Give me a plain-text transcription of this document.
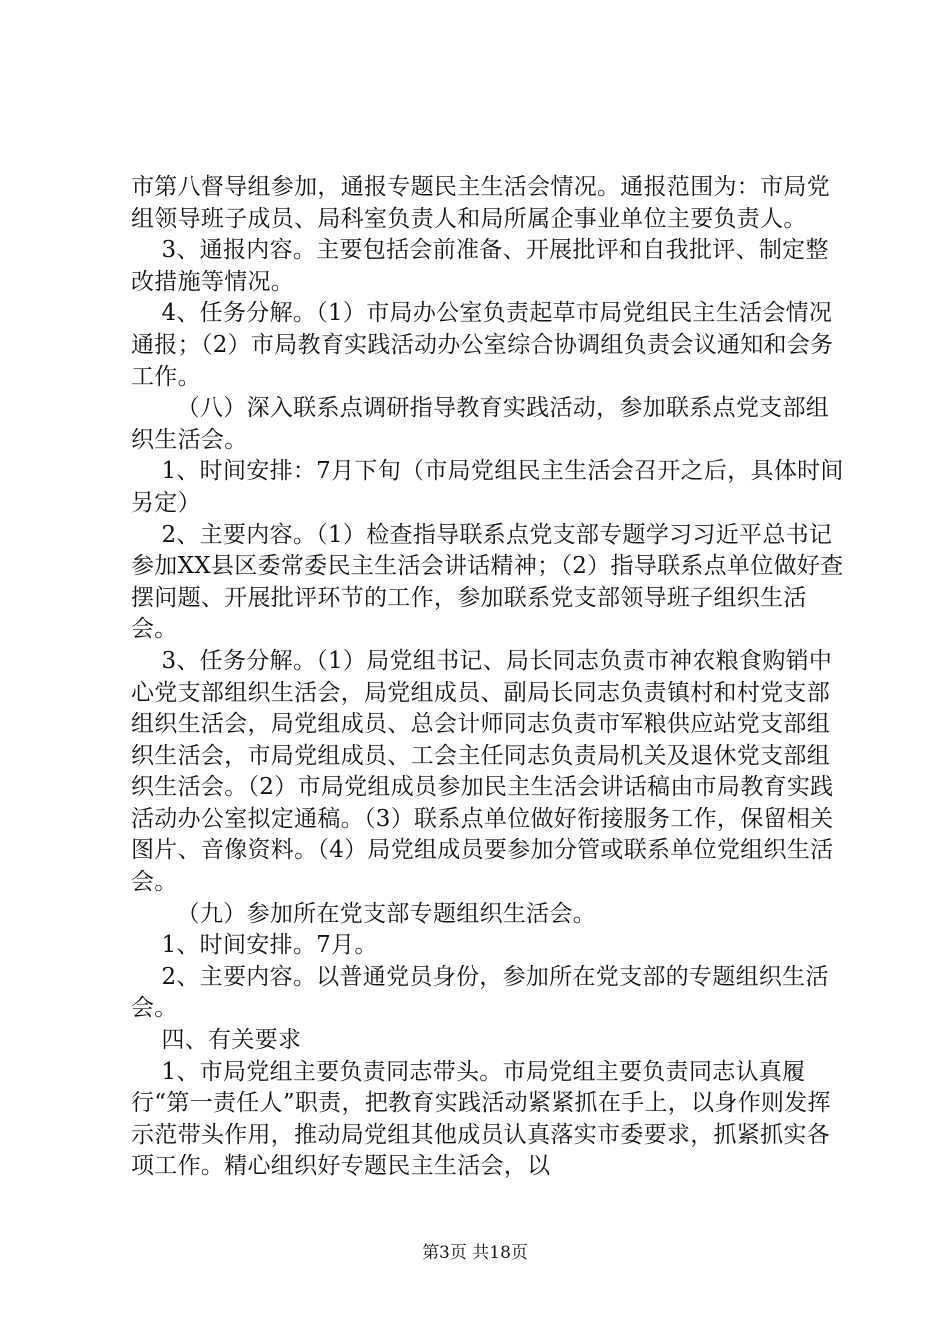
市第八督导组参加，通报专题民主生活会情况。通报范围为：市局党组领导班子成员、局科室负责人和局所属企事业单位主要负责人。

3、通报内容。主要包括会前准备、开展批评和自我批评、制定整改措施等情况。

4、任务分解。（1）市局办公室负责起草市局党组民主生活会情况通报；（2）市局教育实践活动办公室综合协调组负责会议通知和会务工作。

（八）深入联系点调研指导教育实践活动，参加联系点党支部组织生活会。

1、时间安排：7月下旬（市局党组民主生活会召开之后，具体时间另定）

2、主要内容。（1）检查指导联系点党支部专题学习习近平总书记参加XX县区委常委民主生活会讲话精神；（2）指导联系点单位做好查摆问题、开展批评环节的工作，参加联系党支部领导班子组织生活会。

3、任务分解。（1）局党组书记、局长同志负责市神农粮食购销中心党支部组织生活会，局党组成员、副局长同志负责镇村和村党支部组织生活会，局党组成员、总会计师同志负责市军粮供应站党支部组织生活会，市局党组成员、工会主任同志负责局机关及退休党支部组织生活会。（2）市局党组成员参加民主生活会讲话稿由市局教育实践活动办公室拟定通稿。（3）联系点单位做好衔接服务工作，保留相关图片、音像资料。（4）局党组成员要参加分管或联系单位党组织生活会。

（九）参加所在党支部专题组织生活会。

1、时间安排。7月。

2、主要内容。以普通党员身份，参加所在党支部的专题组织生活会。

四、有关要求

1、市局党组主要负责同志带头。市局党组主要负责同志认真履行“第一责任人”职责，把教育实践活动紧紧抓在手上，以身作则发挥示范带头作用，推动局党组其他成员认真落实市委要求，抓紧抓实各项工作。精心组织好专题民主生活会，以

第3页 共18页
